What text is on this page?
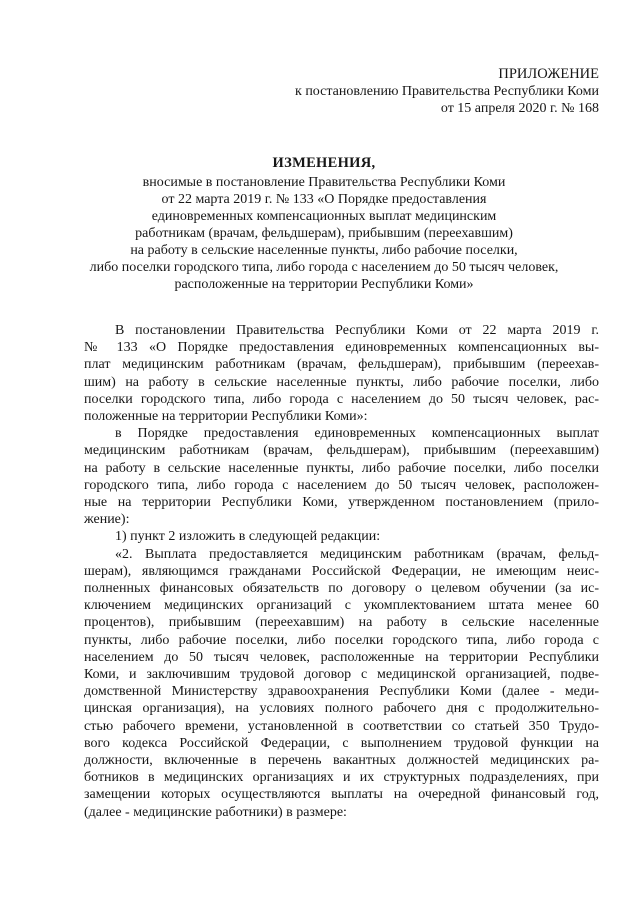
ПРИЛОЖЕНИЕ
к постановлению Правительства Республики Коми
от 15 апреля 2020 г. № 168
ИЗМЕНЕНИЯ,
вносимые в постановление Правительства Республики Коми
от 22 марта 2019 г. № 133 «О Порядке предоставления
единовременных компенсационных выплат медицинским
работникам (врачам, фельдшерам), прибывшим (переехавшим)
на работу в сельские населенные пункты, либо рабочие поселки,
либо поселки городского типа, либо города с населением до 50 тысяч человек,
расположенные на территории Республики Коми»

В постановлении Правительства Республики Коми от 22 марта 2019 г.

№ 133 «О Порядке предоставления единовременных компенсационных вы-

плат медицинским работникам (врачам, фельдшерам), прибывшим (переехав-

шим) на работу в сельские населенные пункты, либо рабочие поселки, либо

поселки городского типа, либо города с населением до 50 тысяч человек, рас-

положенные на территории Республики Коми»:

в Порядке предоставления единовременных компенсационных выплат

медицинским работникам (врачам, фельдшерам), прибывшим (переехавшим)

на работу в сельские населенные пункты, либо рабочие поселки, либо поселки

городского типа, либо города с населением до 50 тысяч человек, расположен-

ные на территории Республики Коми, утвержденном постановлением (прило-

жение):

1) пункт 2 изложить в следующей редакции:

«2. Выплата предоставляется медицинским работникам (врачам, фельд-

шерам), являющимся гражданами Российской Федерации, не имеющим неис-

полненных финансовых обязательств по договору о целевом обучении (за ис-

ключением медицинских организаций с укомплектованием штата менее 60

процентов), прибывшим (переехавшим) на работу в сельские населенные

пункты, либо рабочие поселки, либо поселки городского типа, либо города с

населением до 50 тысяч человек, расположенные на территории Республики

Коми, и заключившим трудовой договор с медицинской организацией, подве-

домственной Министерству здравоохранения Республики Коми (далее - меди-

цинская организация), на условиях полного рабочего дня с продолжительно-

стью рабочего времени, установленной в соответствии со статьей 350 Трудо-

вого кодекса Российской Федерации, с выполнением трудовой функции на

должности, включенные в перечень вакантных должностей медицинских ра-

ботников в медицинских организациях и их структурных подразделениях, при

замещении которых осуществляются выплаты на очередной финансовый год,

(далее - медицинские работники) в размере:
